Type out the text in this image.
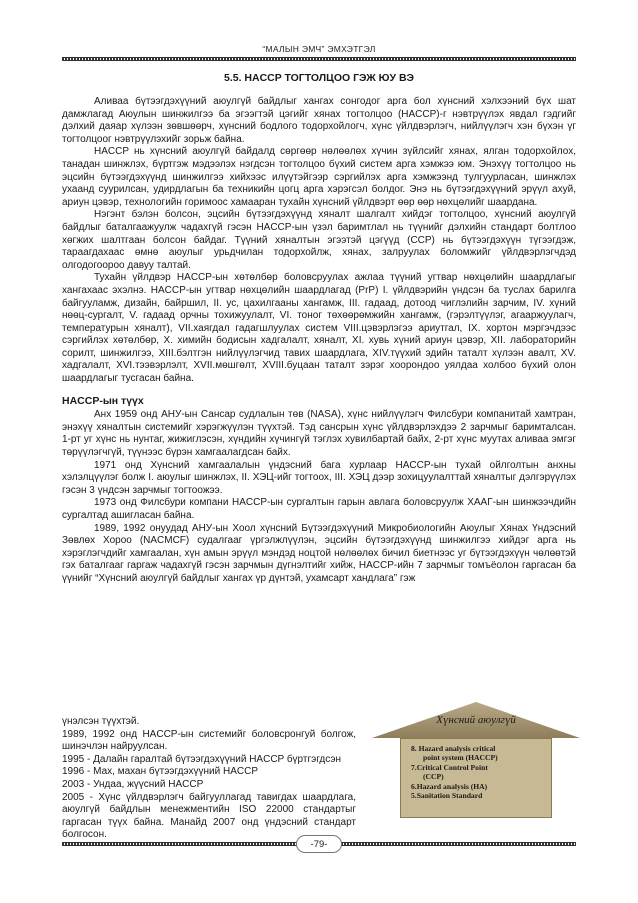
“МАЛЫН ЭМЧ” ЭМХЭТГЭЛ
5.5. HACCP ТОГТОЛЦОО ГЭЖ ЮУ ВЭ

Аливаа бүтээгдэхүүний аюулгүй байдлыг хангах сонгодог арга бол хүнсний хэлхээний бүх шат дамжлагад Аюулын шинжилгээ ба эгээгтэй цэгийг хянах тогтолцоо (HACCP)-г нэвтрүүлэх явдал гэдгийг дэлхий даяар хүлээн зөвшөөрч, хүнсний бодлого тодорхойлогч, хүнс үйлдвэрлэгч, нийлүүлэгч хэн бүхэн үг тогтолцоог нэвтрүүлэхийг зорьж байна.

HACCP нь хүнсний аюулгүй байдалд сөргөөр нөлөөлөх хүчин зүйлсийг хянах, ялган тодорхойлох, танадан шинжлэх, бүртгэж мэдээлэх нэгдсэн тогтолцоо бүхий систем арга хэмжээ юм. Энэхүү тогтолцоо нь эцсийн бүтээгдэхүүнд шинжилгээ хийхээс илүүтэйгээр сэргийлэх арга хэмжээнд тулгуурласан, шинжлэх ухаанд суурилсан, удирдлагын ба техникийн цогц арга хэрэгсэл болдог. Энэ нь бүтээгдэхүүний эрүүл ахуй, ариун цэвэр, технологийн горимоос хамааран тухайн хүнсний үйлдвэрт өөр өөр нөхцөлийг шаардана.

Нэгэнт бэлэн болсон, эцсийн бүтээгдэхүүнд хяналт шалгалт хийдэг тогтолцоо, хүнсний аюулгүй байдлыг баталгаажуулж чадахгүй гэсэн HACCP-ын үзэл баримтлал нь түүнийг дэлхийн стандарт болтлоо хөгжих шалтгаан болсон байдаг. Түүний хяналтын эгээтэй цэгүүд (CCP) нь бүтээгдэхүүн түгээгдэж, тараагдахаас өмнө аюулыг урьдчилан тодорхойлж, хянах, залруулах боломжийг үйлдвэрлэгчдэд олгодогоороо давуу талтай.

Тухайн үйлдвэр HACCP-ын хөтөлбөр боловсруулах ажлаа түүний угтвар нөхцөлийн шаардлагыг хангахаас эхэлнэ. HACCP-ын угтвар нөхцөлийн шаардлагад (PrP) I. үйлдвэрийн үндсэн ба туслах барилга байгууламж, дизайн, байршил, II. ус, цахилгааны хангамж, III. гадаад, дотоод чиглэлийн зарчим, IV. хүний нөөц-сургалт, V. гадаад орчны тохижуулалт, VI. тоног төхөөрөмжийн хангамж, (гэрэлтүүлэг, агааржуулагч, температурын хяналт), VII.хаягдал гадагшлуулах систем VIII.цэвэрлэгээ ариутгал, IX. хортон мэргэчдээс сэргийлэх хөтөлбөр, X. химийн бодисын хадгалалт, хяналт, XI. хувь хүний ариун цэвэр, XII. лабораторийн сорилт, шинжилгээ, XIII.бэлтгэн нийлүүлэгчид тавих шаардлага, XIV.түүхий эдийн таталт хүлээн авалт, XV. хадгалалт, XVI.тээвэрлэлт, XVII.мөшгөлт, XVIII.буцаан таталт зэрэг хоорондоо уялдаа холбоо бүхий олон шаардлагыг тусгасан байна.

HACCP-ын түүх

Анх 1959 онд АНУ-ын Сансар судлалын төв (NASA), хүнс нийлүүлэгч Филсбури компанитай хамтран, энэхүү хяналтын системийг хэрэгжүүлэн түүхтэй. Тэд сансрын хүнс үйлдвэрлэхдээ 2 зарчмыг баримталсан. 1-рт уг хүнс нь нунтаг, жижиглэсэн, хүндийн хүчингүй тэглэх хувилбартай байх, 2-рт хүнс муутах аливаа эмгэг төрүүлэгчгүй, түүнээс бүрэн хамгаалагдсан байх.

1971 онд Хүнсний хамгаалалын үндэсний бага хурлаар HACCP-ын тухай ойлголтын анхны хэлэлцүүлэг болж I. аюулыг шинжлэх, II. ХЭЦ-ийг тогтоох, III. ХЭЦ дээр зохицуулалттай хяналтыг дэлгэрүүлэх гэсэн 3 үндсэн зарчмыг тогтоожээ.

1973 онд Филсбури компани HACCP-ын сургалтын гарын авлага боловсруулж ХААГ-ын шинжээчдийн сургалтад ашигласан байна.

1989, 1992 онуудад АНУ-ын Хоол хүнсний Бүтээгдэхүүний Микробиологийн Аюулыг Хянах Үндэсний Зөвлөх Хороо (NACMCF) судалгааг үргэлжлүүлэн, эцсийн бүтээгдэхүүнд шинжилгээ хийдэг арга нь хэрэглэгчдийг хамгаалан, хүн амын эрүүл мэндэд ноцтой нөлөөлөх бичил биетнээс уг бүтээгдэхүүн чөлөөтэй гэх баталгааг гаргаж чадахгүй гэсэн зарчмын дүгнэлтийг хийж, HACCP-ийн 7 зарчмыг томъёолон гаргасан ба үүнийг “Хүнсний аюулгүй байдлыг хангах үр дүнтэй, ухамсарт хандлага” гэж

үнэлсэн түүхтэй.

1989, 1992 онд HACCP-ын системийг боловсронгуй болгож, шинэчлэн найруулсан.

1995 - Далайн гаралтай бүтээгдэхүүний HACCP бүртгэгдсэн

1996 - Мах, махан бүтээгдэхүүний HACCP

2003 - Ундаа, жүүсний HACCP

2005 - Хүнс үйлдвэрлэгч байгууллагад тавигдах шаардлага, аюулгүй байдлын менежментийн ISO 22000 стандартыг гаргасан түүх байна. Манайд 2007 онд үндэсний стандарт болгосон.

Хүнсний аюулгүй
8. Hazard analysis critical
point system (HACCP)
7.Critical Control Point
(CCP)
6.Hazard analysis (HA)
5.Sanitation Standard
-79-
